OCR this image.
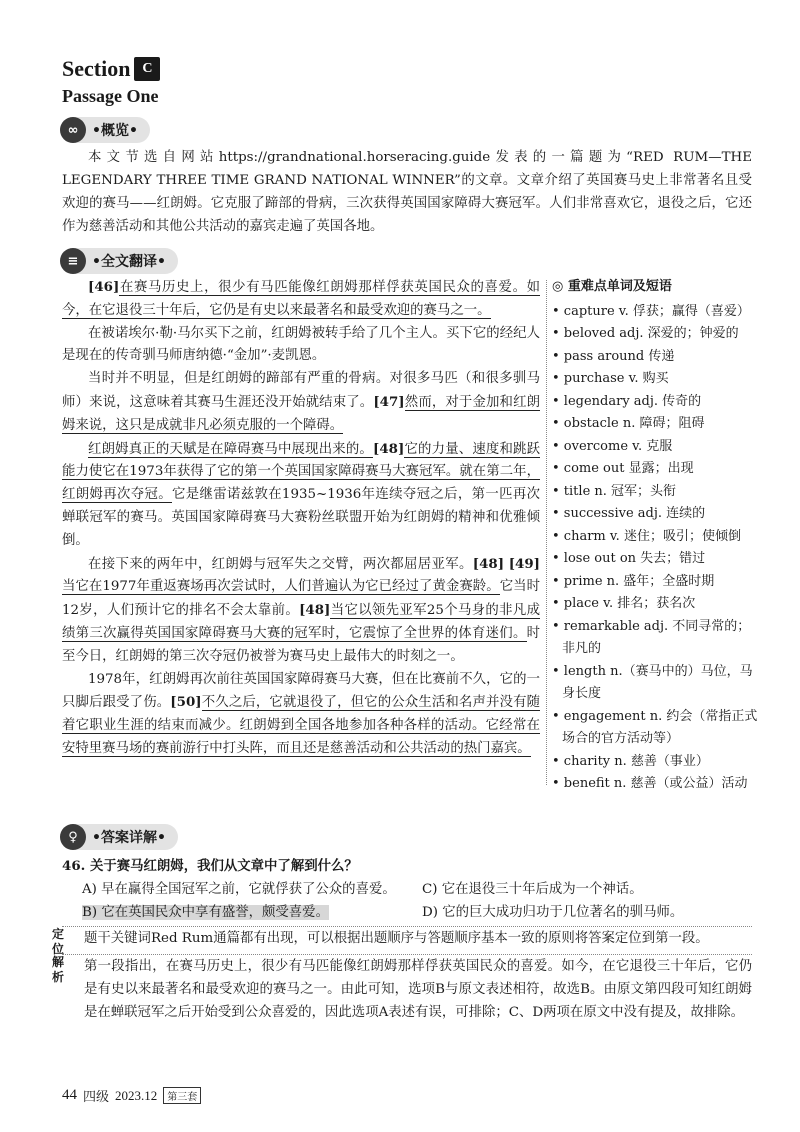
Section C
Passage One
∞ •概览•
本文节选自网站https://grandnational.horseracing.guide发表的一篇题为“RED RUM—THE LEGENDARY THREE TIME GRAND NATIONAL WINNER”的文章。文章介绍了英国赛马史上非常著名且受欢迎的赛马——红朗姆。它克服了蹄部的骨病，三次获得英国国家障碍大赛冠军。人们非常喜欢它，退役之后，它还作为慈善活动和其他公共活动的嘉宾走遍了英国各地。
≡ •全文翻译•

[46]在赛马历史上，很少有马匹能像红朗姆那样俘获英国民众的喜爱。如今，在它退役三十年后，它仍是有史以来最著名和最受欢迎的赛马之一。

在被诺埃尔·勒·马尔买下之前，红朗姆被转手给了几个主人。买下它的经纪人是现在的传奇驯马师唐纳德·“金加”·麦凯恩。

当时并不明显，但是红朗姆的蹄部有严重的骨病。对很多马匹（和很多驯马师）来说，这意味着其赛马生涯还没开始就结束了。[47]然而，对于金加和红朗姆来说，这只是成就非凡必须克服的一个障碍。

红朗姆真正的天赋是在障碍赛马中展现出来的。[48]它的力量、速度和跳跃能力使它在1973年获得了它的第一个英国国家障碍赛马大赛冠军。就在第二年，红朗姆再次夺冠。它是继雷诺兹敦在1935~1936年连续夺冠之后，第一匹再次蝉联冠军的赛马。英国国家障碍赛马大赛粉丝联盟开始为红朗姆的精神和优雅倾倒。

在接下来的两年中，红朗姆与冠军失之交臂，两次都屈居亚军。[48] [49]当它在1977年重返赛场再次尝试时，人们普遍认为它已经过了黄金赛龄。它当时12岁，人们预计它的排名不会太靠前。[48]当它以领先亚军25个马身的非凡成绩第三次赢得英国国家障碍赛马大赛的冠军时，它震惊了全世界的体育迷们。时至今日，红朗姆的第三次夺冠仍被誉为赛马史上最伟大的时刻之一。

1978年，红朗姆再次前往英国国家障碍赛马大赛，但在比赛前不久，它的一只脚后跟受了伤。[50]不久之后，它就退役了，但它的公众生活和名声并没有随着它职业生涯的结束而减少。红朗姆到全国各地参加各种各样的活动。它经常在安特里赛马场的赛前游行中打头阵，而且还是慈善活动和公共活动的热门嘉宾。

◎ 重难点单词及短语
• capture v. 俘获；赢得（喜爱）
• beloved adj. 深爱的；钟爱的
• pass around 传递
• purchase v. 购买
• legendary adj. 传奇的
• obstacle n. 障碍；阻碍
• overcome v. 克服
• come out 显露；出现
• title n. 冠军；头衔
• successive adj. 连续的
• charm v. 迷住；吸引；使倾倒
• lose out on 失去；错过
• prime n. 盛年；全盛时期
• place v. 排名；获名次
• remarkable adj. 不同寻常的；非凡的
• length n.（赛马中的）马位，马身长度
• engagement n. 约会（常指正式场合的官方活动等）
• charity n. 慈善（事业）
• benefit n. 慈善（或公益）活动
♀	•答案详解•
46. 关于赛马红朗姆，我们从文章中了解到什么？
A) 早在赢得全国冠军之前，它就俘获了公众的喜爱。	C) 它在退役三十年后成为一个神话。
B) 它在英国民众中享有盛誉，颇受喜爱。	D) 它的巨大成功归功于几位著名的驯马师。
定位
题干关键词Red Rum通篇都有出现，可以根据出题顺序与答题顺序基本一致的原则将答案定位到第一段。
解析
第一段指出，在赛马历史上，很少有马匹能像红朗姆那样俘获英国民众的喜爱。如今，在它退役三十年后，它仍是有史以来最著名和最受欢迎的赛马之一。由此可知，选项B与原文表述相符，故选B。由原文第四段可知红朗姆是在蝉联冠军之后开始受到公众喜爱的，因此选项A表述有误，可排除；C、D两项在原文中没有提及，故排除。
44 四级 2023.12	第三套
